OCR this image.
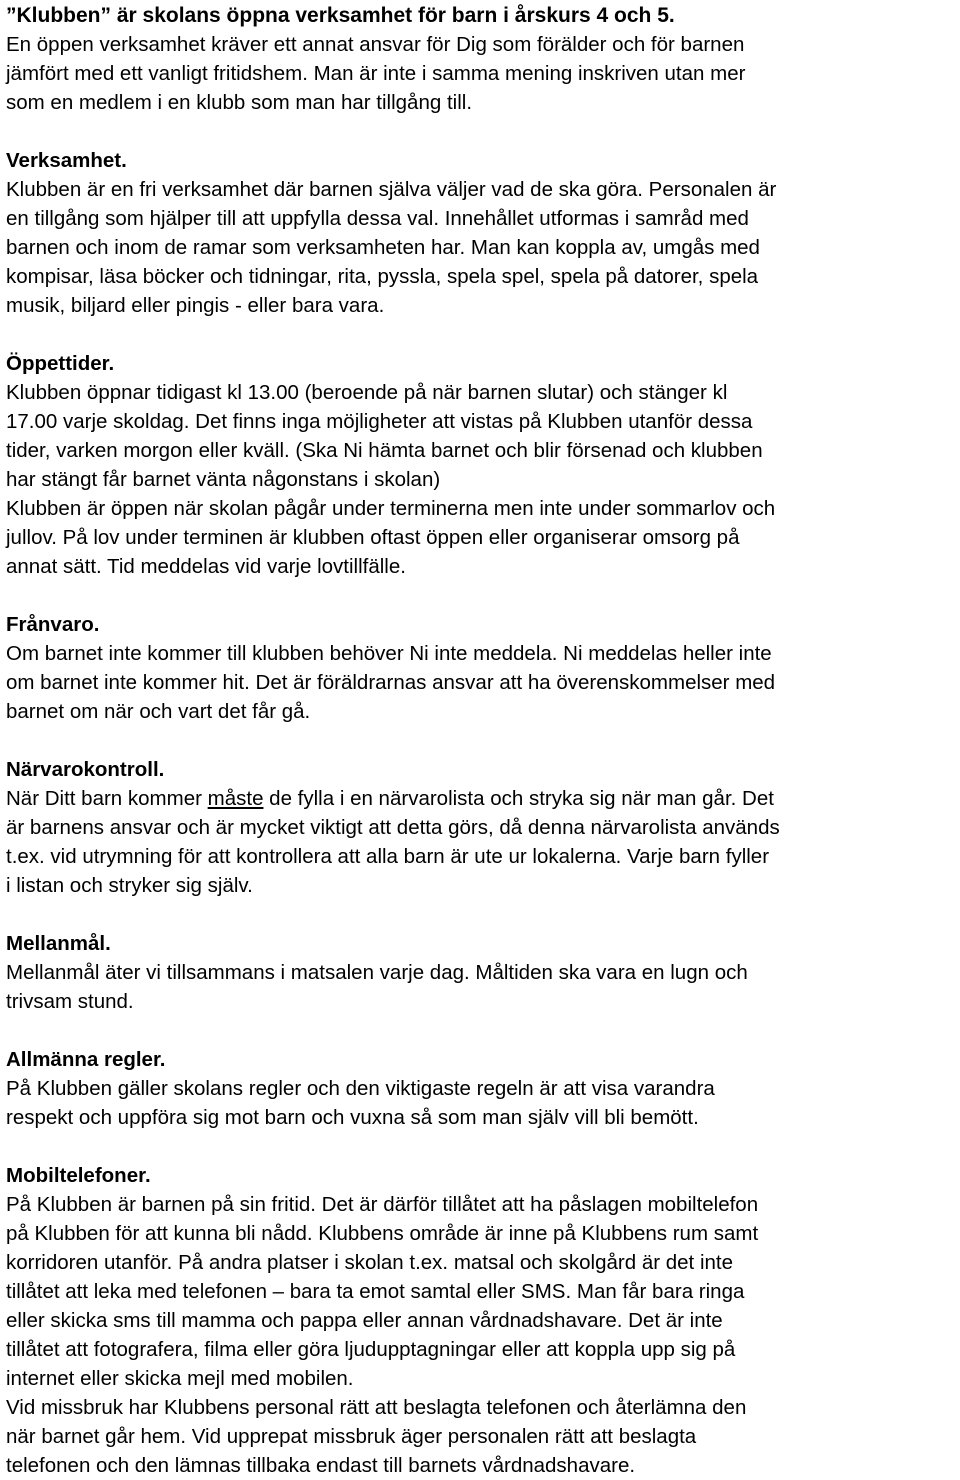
”Klubben” är skolans öppna verksamhet för barn i årskurs 4 och 5.

En öppen verksamhet kräver ett annat ansvar för Dig som förälder och för barnen

jämfört med ett vanligt fritidshem. Man är inte i samma mening inskriven utan mer

som en medlem i en klubb som man har tillgång till.

Verksamhet.

Klubben är en fri verksamhet där barnen själva väljer vad de ska göra. Personalen är

en tillgång som hjälper till att uppfylla dessa val. Innehållet utformas i samråd med

barnen och inom de ramar som verksamheten har. Man kan koppla av, umgås med

kompisar, läsa böcker och tidningar, rita, pyssla, spela spel, spela på datorer, spela

musik, biljard eller pingis - eller bara vara.

Öppettider.

Klubben öppnar tidigast kl 13.00 (beroende på när barnen slutar) och stänger kl

17.00 varje skoldag. Det finns inga möjligheter att vistas på Klubben utanför dessa

tider, varken morgon eller kväll. (Ska Ni hämta barnet och blir försenad och klubben

har stängt får barnet vänta någonstans i skolan)

Klubben är öppen när skolan pågår under terminerna men inte under sommarlov och

jullov. På lov under terminen är klubben oftast öppen eller organiserar omsorg på

annat sätt. Tid meddelas vid varje lovtillfälle.

Frånvaro.

Om barnet inte kommer till klubben behöver Ni inte meddela. Ni meddelas heller inte

om barnet inte kommer hit. Det är föräldrarnas ansvar att ha överenskommelser med

barnet om när och vart det får gå.

Närvarokontroll.

När Ditt barn kommer måste de fylla i en närvarolista och stryka sig när man går. Det

är barnens ansvar och är mycket viktigt att detta görs, då denna närvarolista används

t.ex. vid utrymning för att kontrollera att alla barn är ute ur lokalerna. Varje barn fyller

i listan och stryker sig själv.

Mellanmål.

Mellanmål äter vi tillsammans i matsalen varje dag. Måltiden ska vara en lugn och

trivsam stund.

Allmänna regler.

På Klubben gäller skolans regler och den viktigaste regeln är att visa varandra

respekt och uppföra sig mot barn och vuxna så som man själv vill bli bemött.

Mobiltelefoner.

På Klubben är barnen på sin fritid. Det är därför tillåtet att ha påslagen mobiltelefon

på Klubben för att kunna bli nådd. Klubbens område är inne på Klubbens rum samt

korridoren utanför. På andra platser i skolan t.ex. matsal och skolgård är det inte

tillåtet att leka med telefonen – bara ta emot samtal eller SMS. Man får bara ringa

eller skicka sms till mamma och pappa eller annan vårdnadshavare. Det är inte

tillåtet att fotografera, filma eller göra ljudupptagningar eller att koppla upp sig på

internet eller skicka mejl med mobilen.

Vid missbruk har Klubbens personal rätt att beslagta telefonen och återlämna den

när barnet går hem. Vid upprepat missbruk äger personalen rätt att beslagta

telefonen och den lämnas tillbaka endast till barnets vårdnadshavare.
